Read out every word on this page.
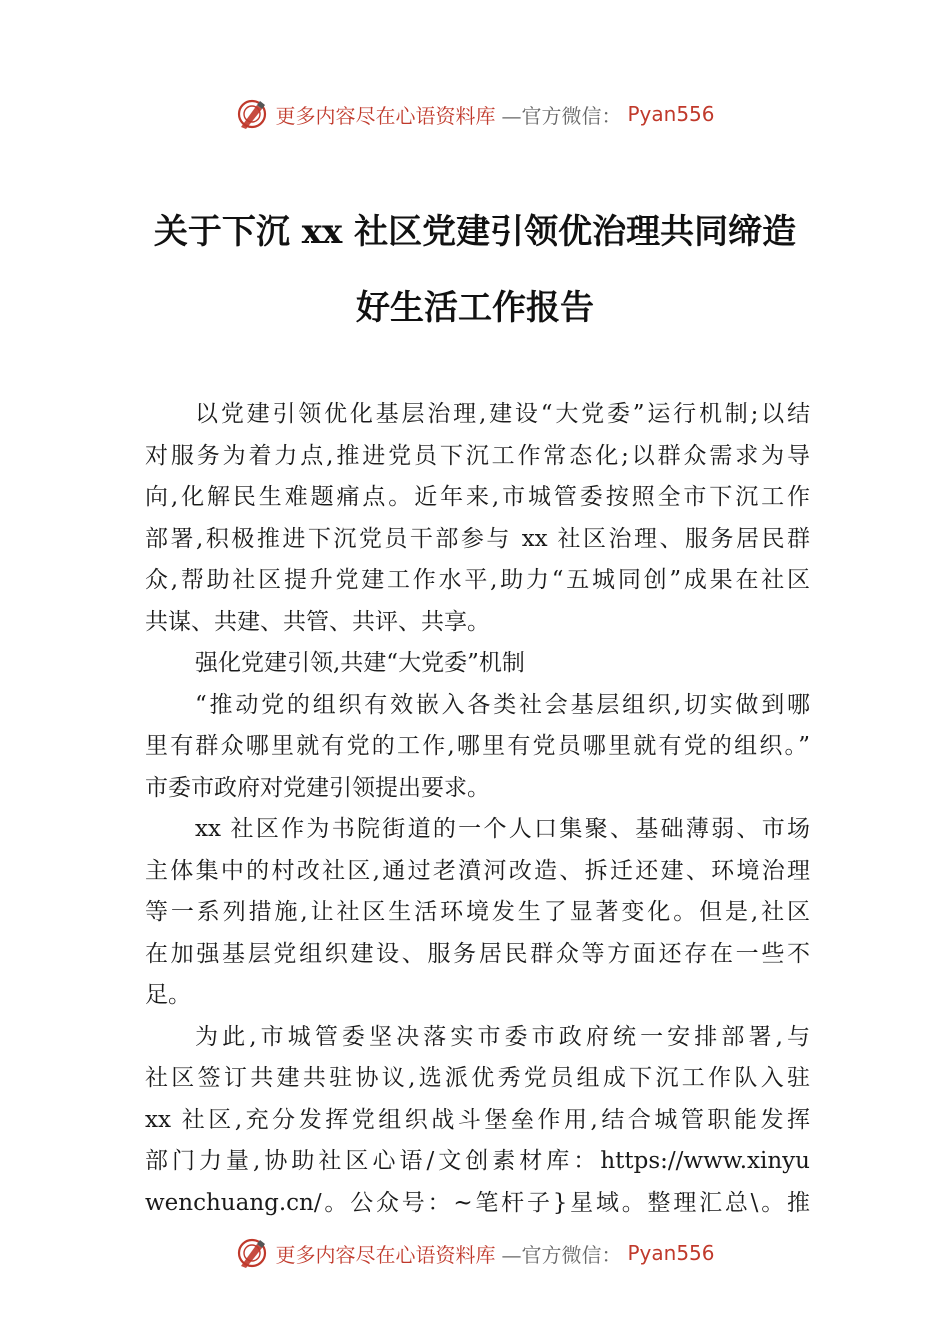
更多内容尽在心语资料库 —官方微信： Pyan556
关于下沉 xx 社区党建引领优治理共同缔造
好生活工作报告
以党建引领优化基层治理,建设“大党委”运行机制;以结
对服务为着力点,推进党员下沉工作常态化;以群众需求为导
向,化解民生难题痛点。近年来,市城管委按照全市下沉工作
部署,积极推进下沉党员干部参与 xx 社区治理、服务居民群
众,帮助社区提升党建工作水平,助力“五城同创”成果在社区
共谋、共建、共管、共评、共享。
强化党建引领,共建“大党委”机制
“推动党的组织有效嵌入各类社会基层组织,切实做到哪
里有群众哪里就有党的工作,哪里有党员哪里就有党的组织。”
市委市政府对党建引领提出要求。
xx 社区作为书院街道的一个人口集聚、基础薄弱、市场
主体集中的村改社区,通过老濆河改造、拆迁还建、环境治理
等一系列措施,让社区生活环境发生了显著变化。但是,社区
在加强基层党组织建设、服务居民群众等方面还存在一些不
足。
为此,市城管委坚决落实市委市政府统一安排部署,与
社区签订共建共驻协议,选派优秀党员组成下沉工作队入驻
xx 社区,充分发挥党组织战斗堡垒作用,结合城管职能发挥
部门力量,协助社区心语/文创素材库：https://www.xinyu
wenchuang.cn/。公众号：~笔杆子}星域。整理汇总\。推
更多内容尽在心语资料库 —官方微信： Pyan556
